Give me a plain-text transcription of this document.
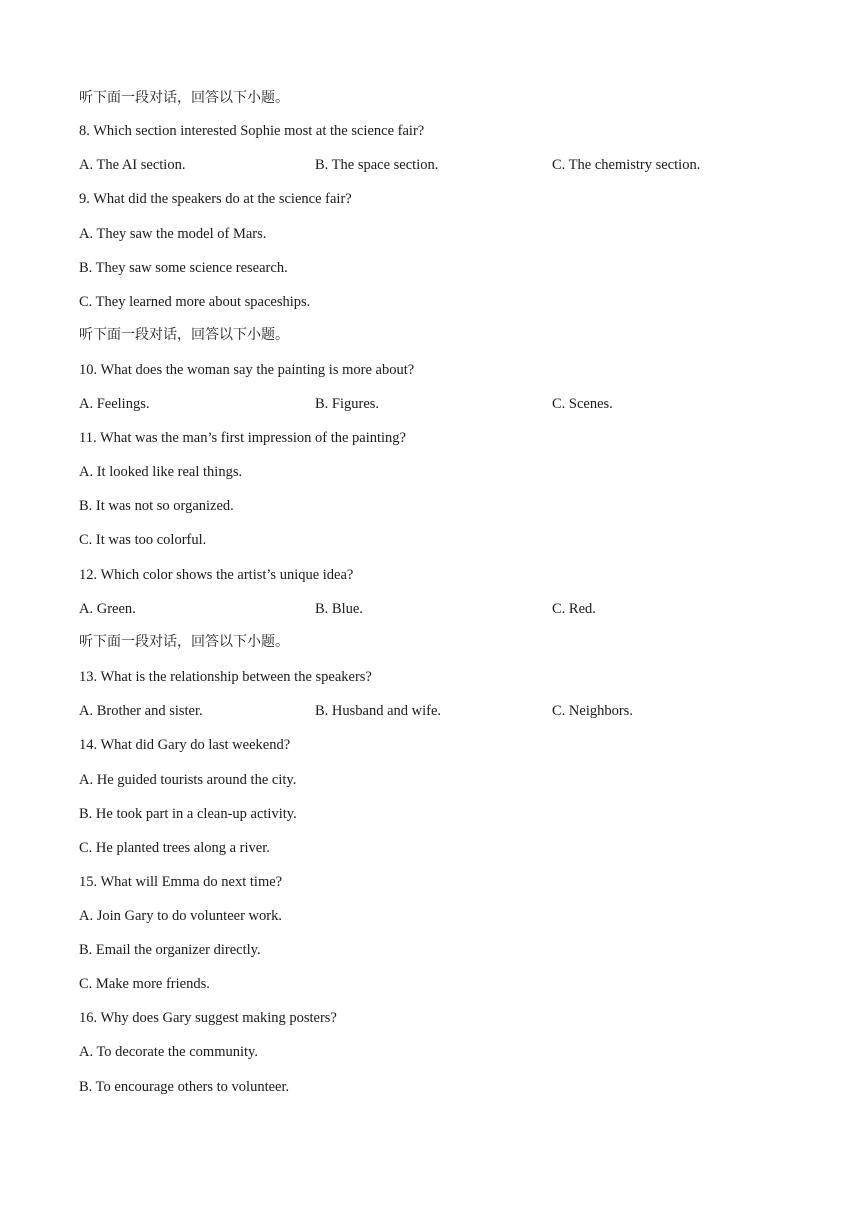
听下面一段对话，回答以下小题。
8. Which section interested Sophie most at the science fair?
A. The AI section.	B. The space section.	C. The chemistry section.
9. What did the speakers do at the science fair?
A. They saw the model of Mars.
B. They saw some science research.
C. They learned more about spaceships.
听下面一段对话，回答以下小题。
10. What does the woman say the painting is more about?
A. Feelings.	B. Figures.	C. Scenes.
11. What was the man’s first impression of the painting?
A. It looked like real things.
B. It was not so organized.
C. It was too colorful.
12. Which color shows the artist’s unique idea?
A. Green.	B. Blue.	C. Red.
听下面一段对话，回答以下小题。
13. What is the relationship between the speakers?
A. Brother and sister.	B. Husband and wife.	C. Neighbors.
14. What did Gary do last weekend?
A. He guided tourists around the city.
B. He took part in a clean-up activity.
C. He planted trees along a river.
15. What will Emma do next time?
A. Join Gary to do volunteer work.
B. Email the organizer directly.
C. Make more friends.
16. Why does Gary suggest making posters?
A. To decorate the community.
B. To encourage others to volunteer.
